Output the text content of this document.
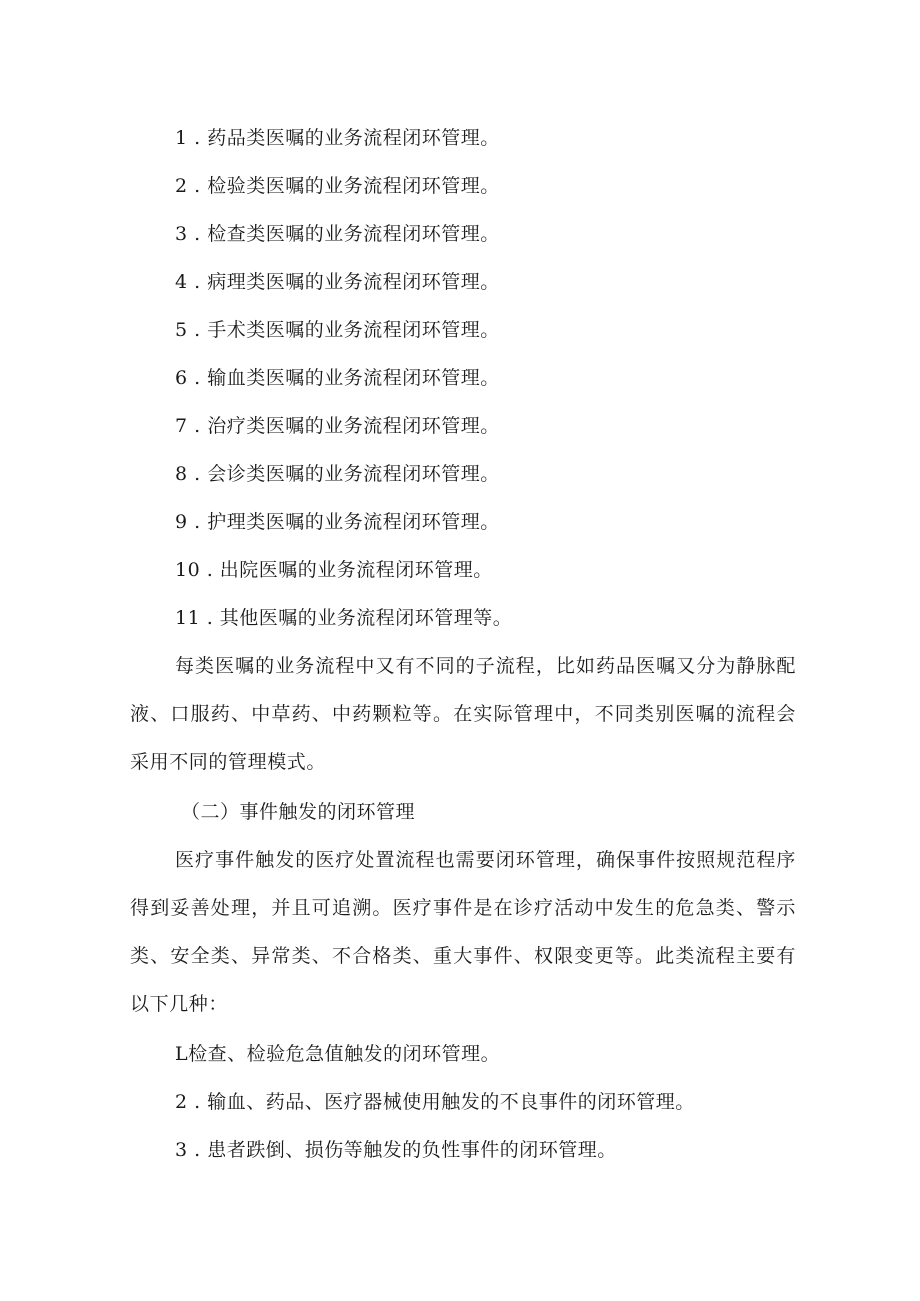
1 . 药品类医嘱的业务流程闭环管理。
2 . 检验类医嘱的业务流程闭环管理。
3 . 检查类医嘱的业务流程闭环管理。
4 . 病理类医嘱的业务流程闭环管理。
5 . 手术类医嘱的业务流程闭环管理。
6 . 输血类医嘱的业务流程闭环管理。
7 . 治疗类医嘱的业务流程闭环管理。
8 . 会诊类医嘱的业务流程闭环管理。
9 . 护理类医嘱的业务流程闭环管理。
10 . 出院医嘱的业务流程闭环管理。
11 . 其他医嘱的业务流程闭环管理等。
每类医嘱的业务流程中又有不同的子流程，比如药品医嘱又分为静脉配液、口服药、中草药、中药颗粒等。在实际管理中，不同类别医嘱的流程会采用不同的管理模式。
（二）事件触发的闭环管理
医疗事件触发的医疗处置流程也需要闭环管理，确保事件按照规范程序得到妥善处理，并且可追溯。医疗事件是在诊疗活动中发生的危急类、警示类、安全类、异常类、不合格类、重大事件、权限变更等。此类流程主要有以下几种：
L检查、检验危急值触发的闭环管理。
2 . 输血、药品、医疗器械使用触发的不良事件的闭环管理。
3 . 患者跌倒、损伤等触发的负性事件的闭环管理。
